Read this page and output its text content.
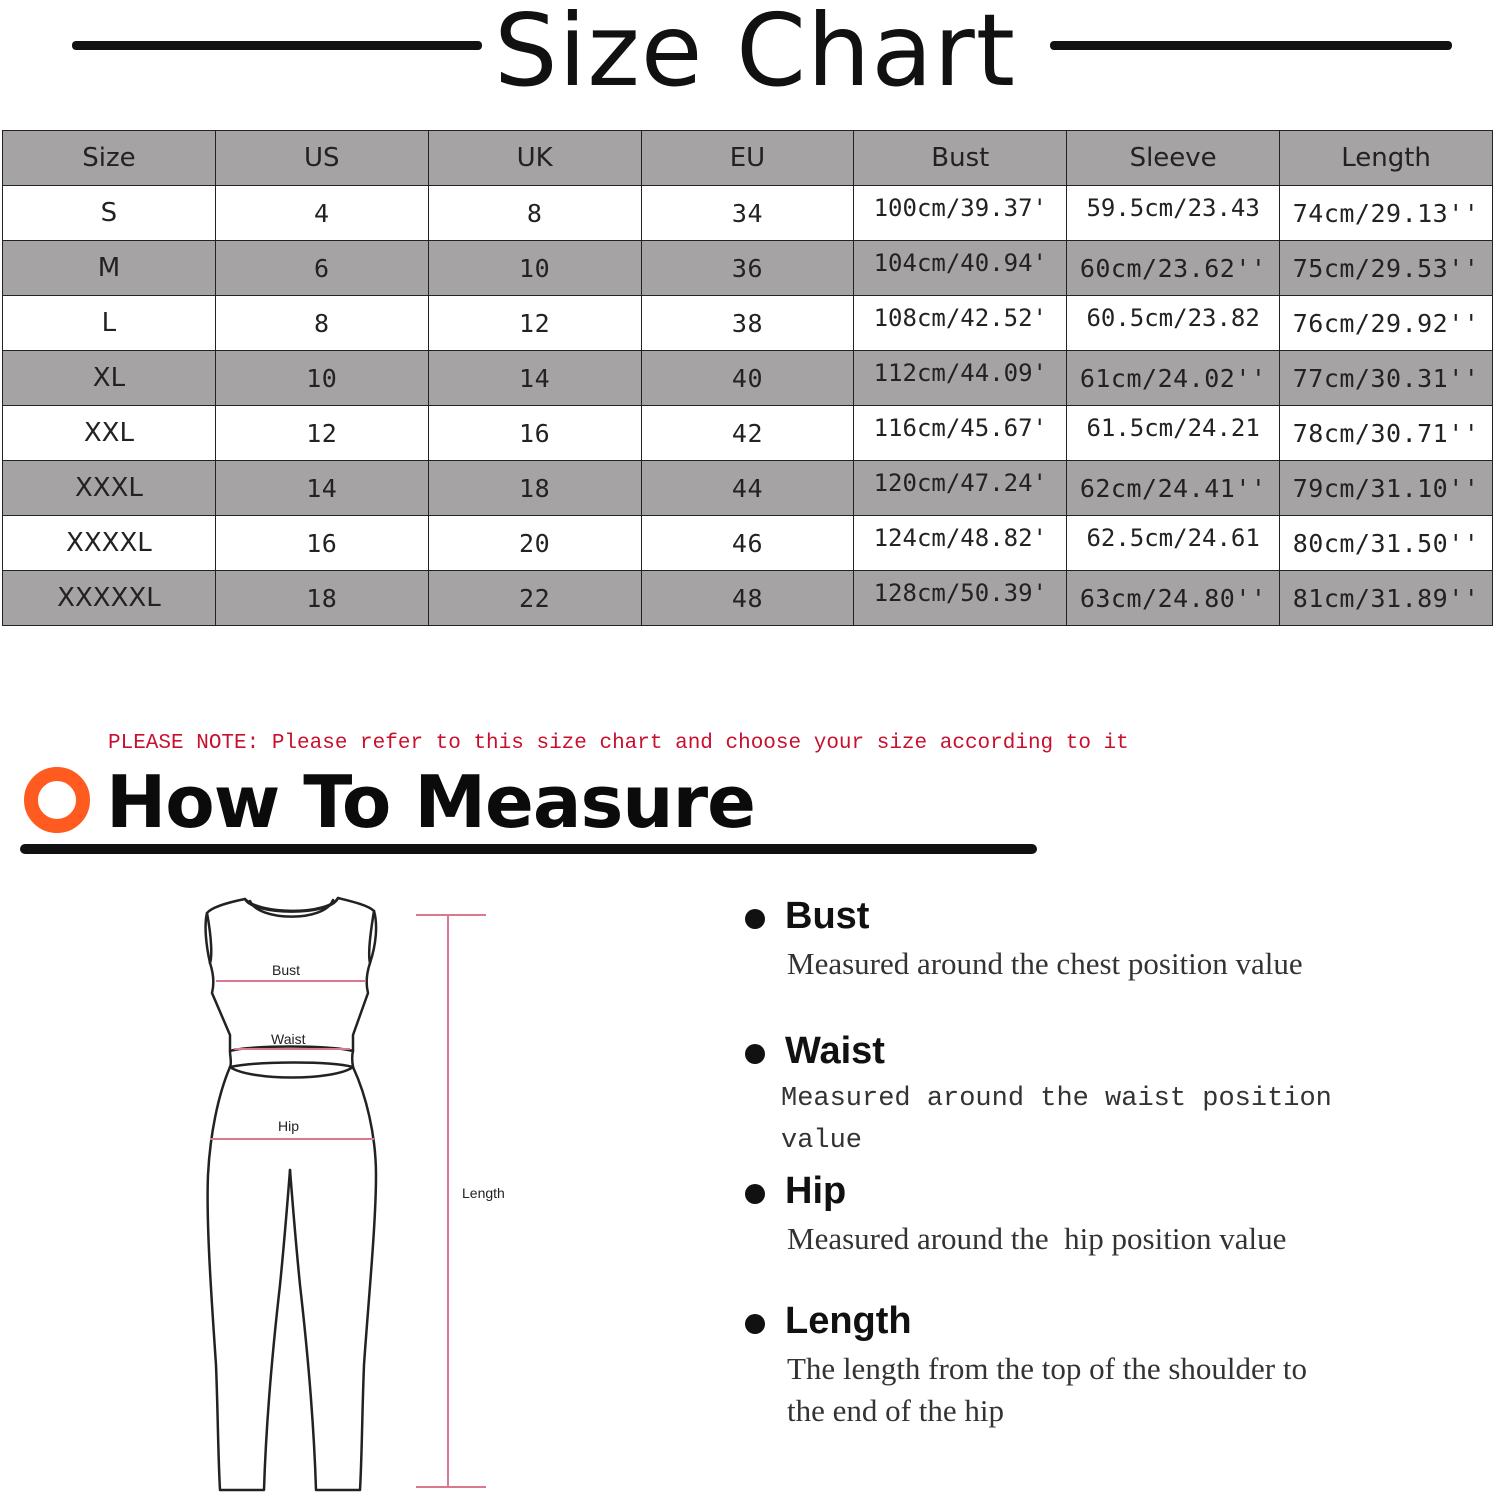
Size Chart
Size	US	UK	EU	Bust	Sleeve	Length
S	4	8	34	100cm/39.37'	59.5cm/23.43	74cm/29.13''
M	6	10	36	104cm/40.94'	60cm/23.62''	75cm/29.53''
L	8	12	38	108cm/42.52'	60.5cm/23.82	76cm/29.92''
XL	10	14	40	112cm/44.09'	61cm/24.02''	77cm/30.31''
XXL	12	16	42	116cm/45.67'	61.5cm/24.21	78cm/30.71''
XXXL	14	18	44	120cm/47.24'	62cm/24.41''	79cm/31.10''
XXXXL	16	20	46	124cm/48.82'	62.5cm/24.61	80cm/31.50''
XXXXXL	18	22	48	128cm/50.39'	63cm/24.80''	81cm/31.89''
PLEASE NOTE: Please refer to this size chart and choose your size according to it
How To Measure
Bust
Waist
Hip
Length
Bust
Measured around the chest position value
Waist
Measured around the waist position value
Hip
Measured around the  hip position value
Length
The length from the top of the shoulder to
the end of the hip
